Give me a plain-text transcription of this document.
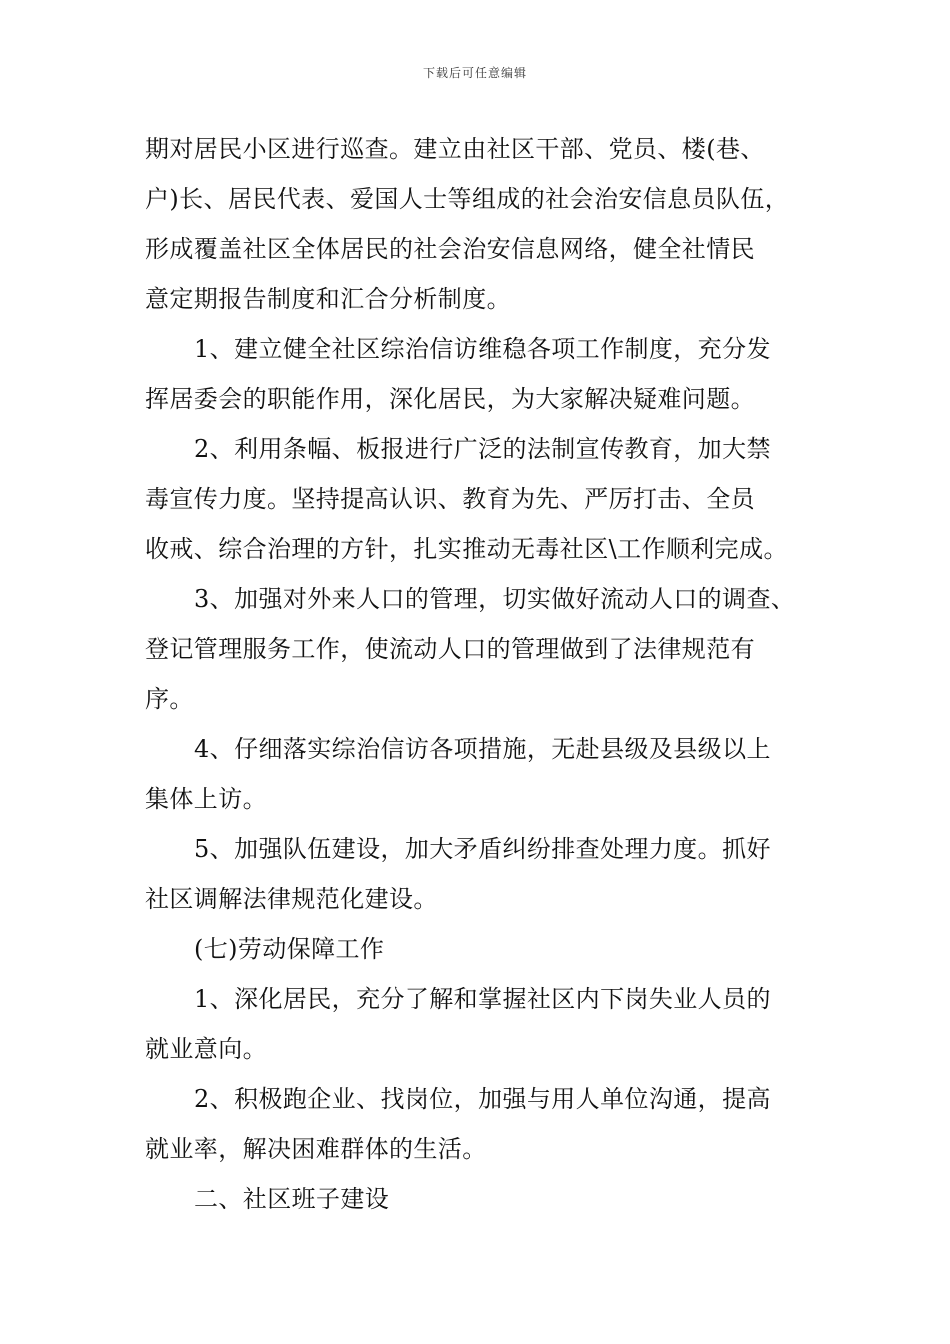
下载后可任意编辑
期对居民小区进行巡查。建立由社区干部、党员、楼(巷、
户)长、居民代表、爱国人士等组成的社会治安信息员队伍，
形成覆盖社区全体居民的社会治安信息网络，健全社情民
意定期报告制度和汇合分析制度。
1、建立健全社区综治信访维稳各项工作制度，充分发
挥居委会的职能作用，深化居民，为大家解决疑难问题。
2、利用条幅、板报进行广泛的法制宣传教育，加大禁
毒宣传力度。坚持提高认识、教育为先、严厉打击、全员
收戒、综合治理的方针，扎实推动无毒社区\工作顺利完成。
3、加强对外来人口的管理，切实做好流动人口的调查、
登记管理服务工作，使流动人口的管理做到了法律规范有
序。
4、仔细落实综治信访各项措施，无赴县级及县级以上
集体上访。
5、加强队伍建设，加大矛盾纠纷排查处理力度。抓好
社区调解法律规范化建设。
(七)劳动保障工作
1、深化居民，充分了解和掌握社区内下岗失业人员的
就业意向。
2、积极跑企业、找岗位，加强与用人单位沟通，提高
就业率，解决困难群体的生活。
二、社区班子建设
